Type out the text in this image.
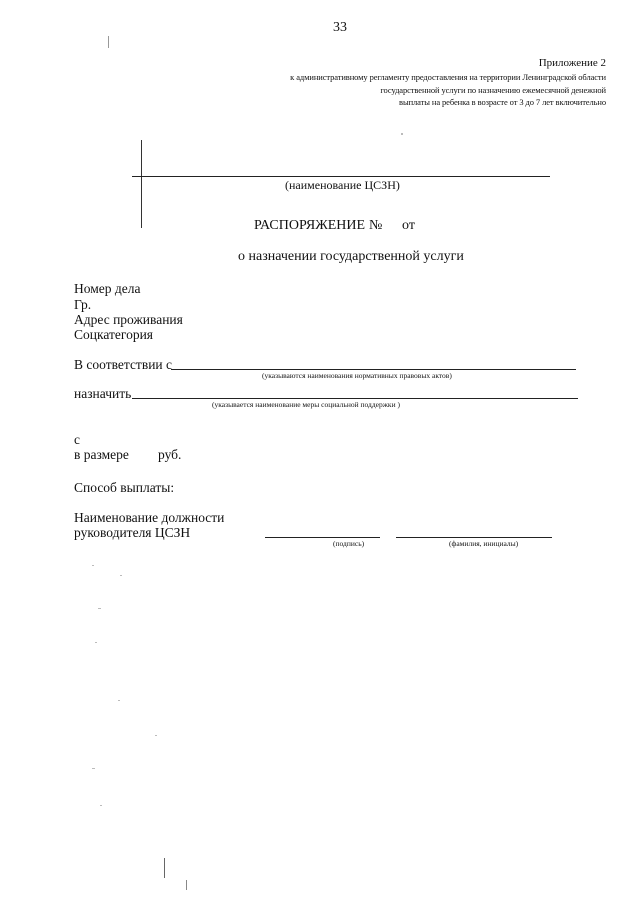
33
Приложение 2
к административному регламенту предоставления на территории Ленинградской области
государственной услуги по назначению ежемесячной денежной
выплаты на ребенка в возрасте от 3 до 7 лет включительно
(наименование ЦСЗН)
РАСПОРЯЖЕНИЕ № от
о назначении государственной услуги
Номер дела
Гр.
Адрес проживания
Соцкатегория
В соответствии с
(указываются наименования нормативных правовых актов)
назначить
(указывается наименование меры социальной поддержки )
с
в размере руб.
Способ выплаты:
Наименование должности
руководителя ЦСЗН
(подпись)	(фамилия, инициалы)
